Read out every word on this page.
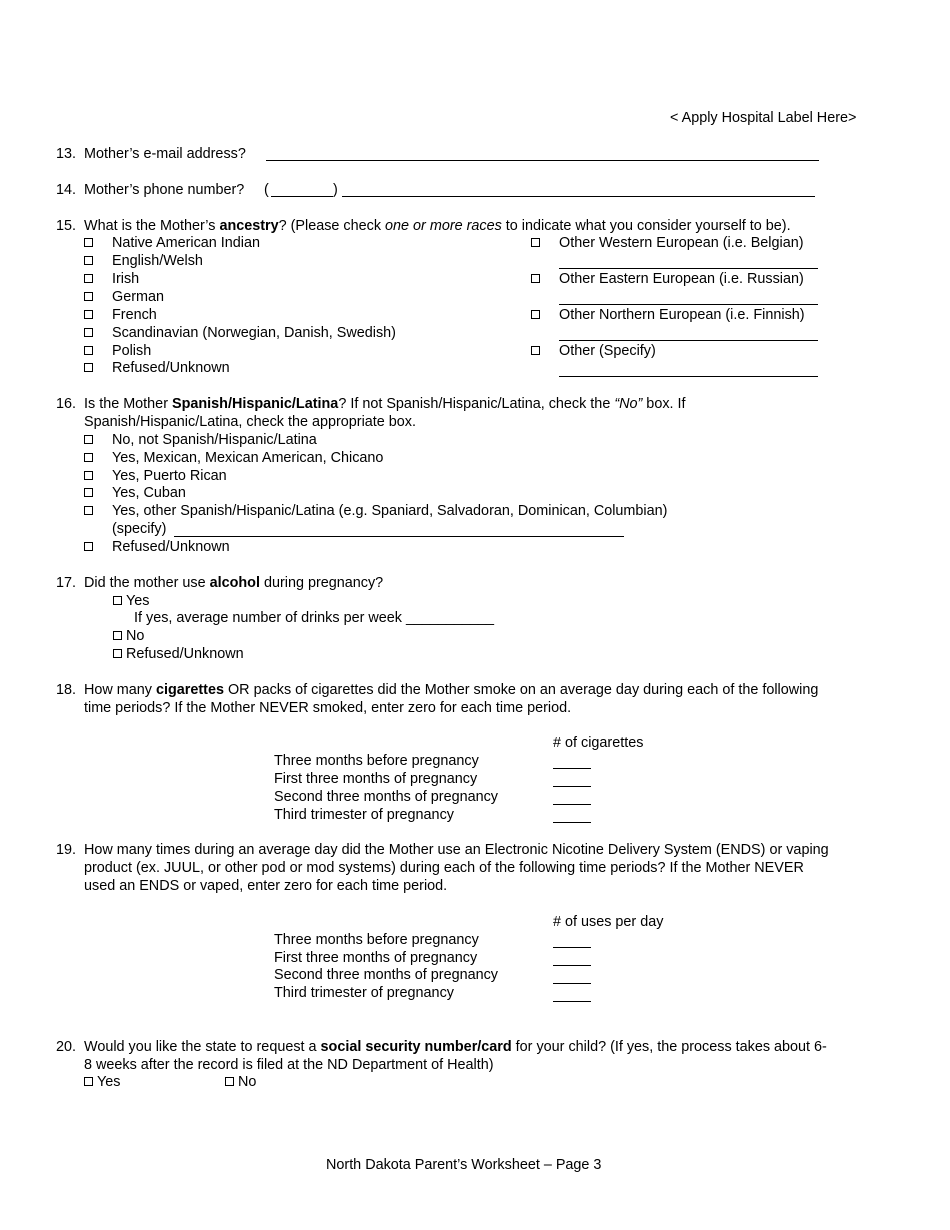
< Apply Hospital Label Here>
13. Mother’s e-mail address?
14. Mother’s phone number? (	)
15. What is the Mother’s ancestry? (Please check one or more races to indicate what you consider yourself to be).
Native American Indian
English/Welsh
Irish
German
French
Scandinavian (Norwegian, Danish, Swedish)
Polish
Refused/Unknown
Other Western European (i.e. Belgian)
Other Eastern European (i.e. Russian)
Other Northern European (i.e. Finnish)
Other (Specify)
16. Is the Mother Spanish/Hispanic/Latina? If not Spanish/Hispanic/Latina, check the “No” box. If
Spanish/Hispanic/Latina, check the appropriate box.
No, not Spanish/Hispanic/Latina
Yes, Mexican, Mexican American, Chicano
Yes, Puerto Rican
Yes, Cuban
Yes, other Spanish/Hispanic/Latina (e.g. Spaniard, Salvadoran, Dominican, Columbian)
(specify)
Refused/Unknown
17. Did the mother use alcohol during pregnancy?
Yes
If yes, average number of drinks per week ___________
No
Refused/Unknown
18. How many cigarettes OR packs of cigarettes did the Mother smoke on an average day during each of the following
time periods? If the Mother NEVER smoked, enter zero for each time period.
# of cigarettes
Three months before pregnancy
First three months of pregnancy
Second three months of pregnancy
Third trimester of pregnancy
19. How many times during an average day did the Mother use an Electronic Nicotine Delivery System (ENDS) or vaping
product (ex. JUUL, or other pod or mod systems) during each of the following time periods? If the Mother NEVER
used an ENDS or vaped, enter zero for each time period.
# of uses per day
Three months before pregnancy
First three months of pregnancy
Second three months of pregnancy
Third trimester of pregnancy
20. Would you like the state to request a social security number/card for your child? (If yes, the process takes about 6-
8 weeks after the record is filed at the ND Department of Health)
Yes	No
North Dakota Parent’s Worksheet – Page 3
